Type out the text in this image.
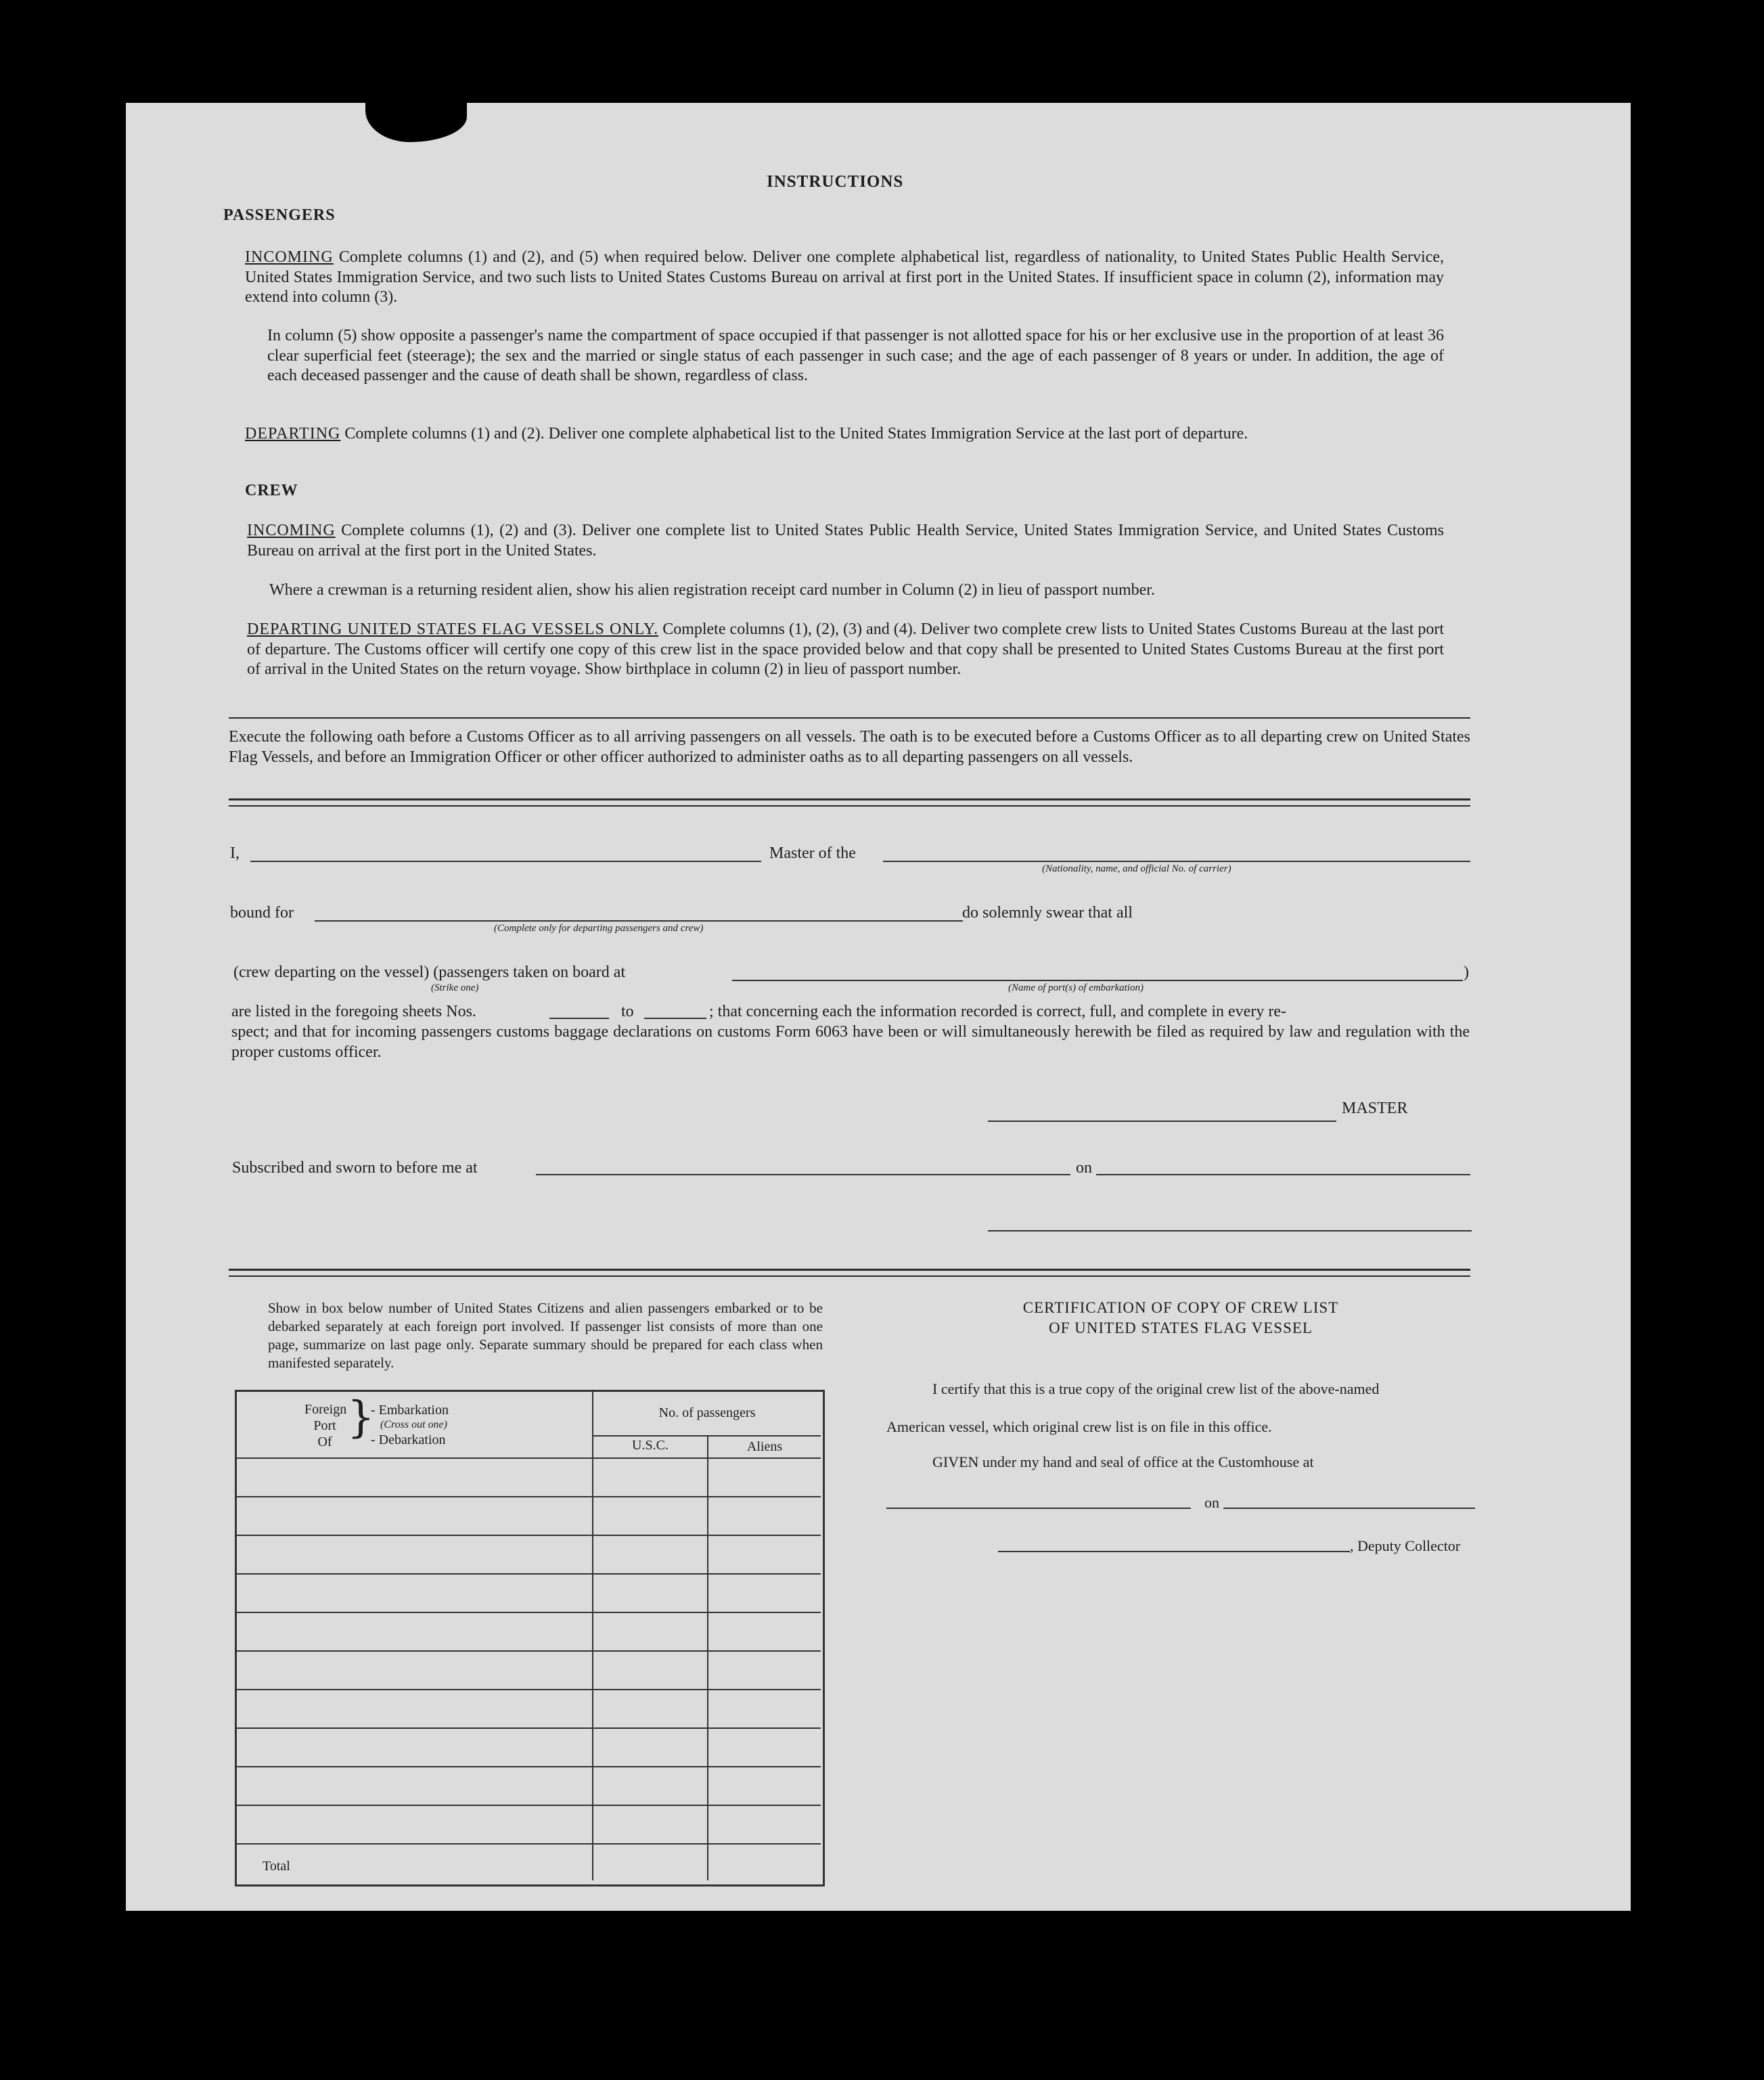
INSTRUCTIONS
PASSENGERS
INCOMING Complete columns (1) and (2), and (5) when required below. Deliver one complete alphabetical list, regardless of nationality, to United States Public Health Service, United States Immigration Service, and two such lists to United States Customs Bureau on arrival at first port in the United States. If insufficient space in column (2), information may extend into column (3).
In column (5) show opposite a passenger's name the compartment of space occupied if that passenger is not allotted space for his or her exclusive use in the proportion of at least 36 clear superficial feet (steerage); the sex and the married or single status of each passenger in such case; and the age of each passenger of 8 years or under. In addition, the age of each deceased passenger and the cause of death shall be shown, regardless of class.
DEPARTING Complete columns (1) and (2). Deliver one complete alphabetical list to the United States Immigration Service at the last port of departure.
CREW
INCOMING Complete columns (1), (2) and (3). Deliver one complete list to United States Public Health Service, United States Immigration Service, and United States Customs Bureau on arrival at the first port in the United States.
Where a crewman is a returning resident alien, show his alien registration receipt card number in Column (2) in lieu of passport number.
DEPARTING UNITED STATES FLAG VESSELS ONLY. Complete columns (1), (2), (3) and (4). Deliver two complete crew lists to United States Customs Bureau at the last port of departure. The Customs officer will certify one copy of this crew list in the space provided below and that copy shall be presented to United States Customs Bureau at the first port of arrival in the United States on the return voyage. Show birthplace in column (2) in lieu of passport number.
Execute the following oath before a Customs Officer as to all arriving passengers on all vessels. The oath is to be executed before a Customs Officer as to all departing crew on United States Flag Vessels, and before an Immigration Officer or other officer authorized to administer oaths as to all departing passengers on all vessels.
I,	Master of the
(Nationality, name, and official No. of carrier)
bound for
(Complete only for departing passengers and crew)
do solemnly swear that all
(crew departing on the vessel) (passengers taken on board at
(Strike one)	(Name of port(s) of embarkation)
)
are listed in the foregoing sheets Nos.	to	; that concerning each the information recorded is correct, full, and complete in every re-
spect; and that for incoming passengers customs baggage declarations on customs Form 6063 have been or will simultaneously herewith be filed as required by law and regulation with the proper customs officer.
MASTER
Subscribed and sworn to before me at	on
Show in box below number of United States Citizens and alien passengers embarked or to be debarked separately at each foreign port involved. If passenger list consists of more than one page, summarize on last page only. Separate summary should be prepared for each class when manifested separately.
Foreign
Port
Of }
- Embarkation
(Cross out one)
- Debarkation
No. of passengers
U.S.C.	Aliens
Total
CERTIFICATION OF COPY OF CREW LIST
OF UNITED STATES FLAG VESSEL
I certify that this is a true copy of the original crew list of the above-named
American vessel, which original crew list is on file in this office.
GIVEN under my hand and seal of office at the Customhouse at
on
, Deputy Collector
